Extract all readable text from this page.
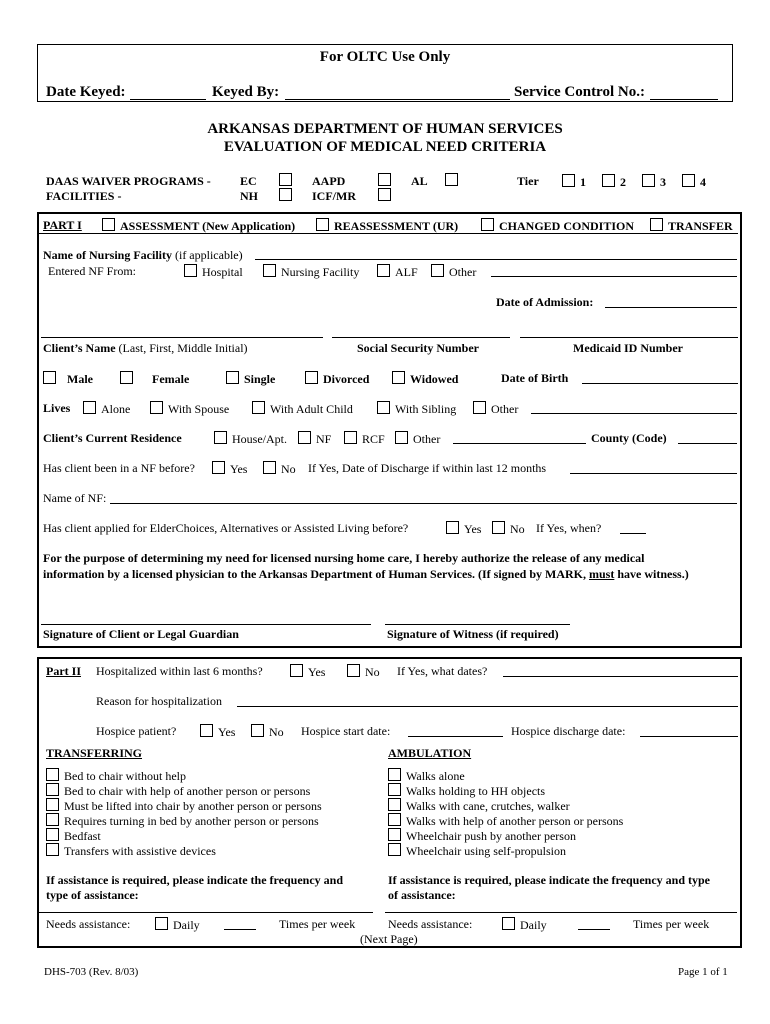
For OLTC Use Only
Date Keyed:	Keyed By:	Service Control No.:
ARKANSAS DEPARTMENT OF HUMAN SERVICES
EVALUATION OF MEDICAL NEED CRITERIA
DAAS WAIVER PROGRAMS -
FACILITIES -
EC
NH
AAPD
ICF/MR
AL	Tier	1	2	3	4
PART I	ASSESSMENT (New Application)	REASSESSMENT (UR)	CHANGED CONDITION	TRANSFER
Name of Nursing Facility (if applicable)
Entered NF From:	Hospital	Nursing Facility	ALF	Other
Date of Admission:
Client’s Name (Last, First, Middle Initial)	Social Security Number	Medicaid ID Number
Male	Female	Single	Divorced	Widowed	Date of Birth
Lives	Alone	With Spouse	With Adult Child	With Sibling	Other
Client’s Current Residence	House/Apt.	NF	RCF	Other	County (Code)
Has client been in a NF before?	Yes	No If Yes, Date of Discharge if within last 12 months
Name of NF:
Has client applied for ElderChoices, Alternatives or Assisted Living before?	Yes	No If Yes, when?
For the purpose of determining my need for licensed nursing home care, I hereby authorize the release of any medical
information by a licensed physician to the Arkansas Department of Human Services. (If signed by MARK, must have witness.)
Signature of Client or Legal Guardian	Signature of Witness (if required)
Part II Hospitalized within last 6 months?	Yes	No If Yes, what dates?
Reason for hospitalization
Hospice patient?	Yes	No Hospice start date:	Hospice discharge date:
TRANSFERRING	AMBULATION
Bed to chair without help
Bed to chair with help of another person or persons
Must be lifted into chair by another person or persons
Requires turning in bed by another person or persons
Bedfast
Transfers with assistive devices
Walks alone
Walks holding to HH objects
Walks with cane, crutches, walker
Walks with help of another person or persons
Wheelchair push by another person
Wheelchair using self-propulsion
If assistance is required, please indicate the frequency and
type of assistance:
If assistance is required, please indicate the frequency and type
of assistance:
Needs assistance:	Daily	Times per week	Needs assistance:	Daily	Times per week
(Next Page)
DHS-703 (Rev. 8/03)	Page 1 of 1
